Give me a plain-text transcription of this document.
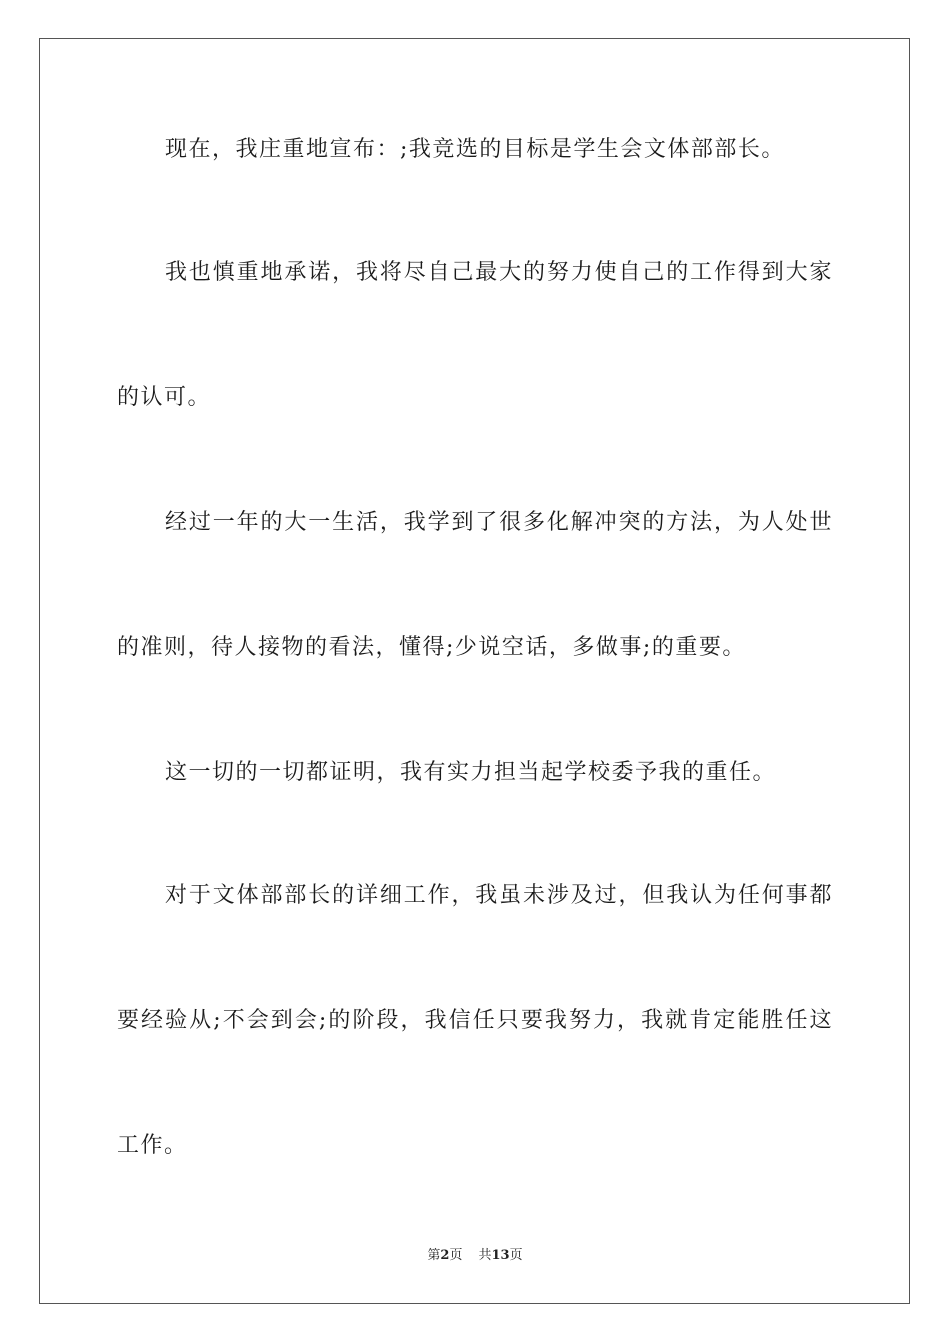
现在，我庄重地宣布：;我竞选的目标是学生会文体部部长。
我也慎重地承诺，我将尽自己最大的努力使自己的工作得到大家
的认可。
经过一年的大一生活，我学到了很多化解冲突的方法，为人处世
的准则，待人接物的看法，懂得;少说空话，多做事;的重要。
这一切的一切都证明，我有实力担当起学校委予我的重任。
对于文体部部长的详细工作，我虽未涉及过，但我认为任何事都
要经验从;不会到会;的阶段，我信任只要我努力，我就肯定能胜任这
工作。
第2页 共13页
